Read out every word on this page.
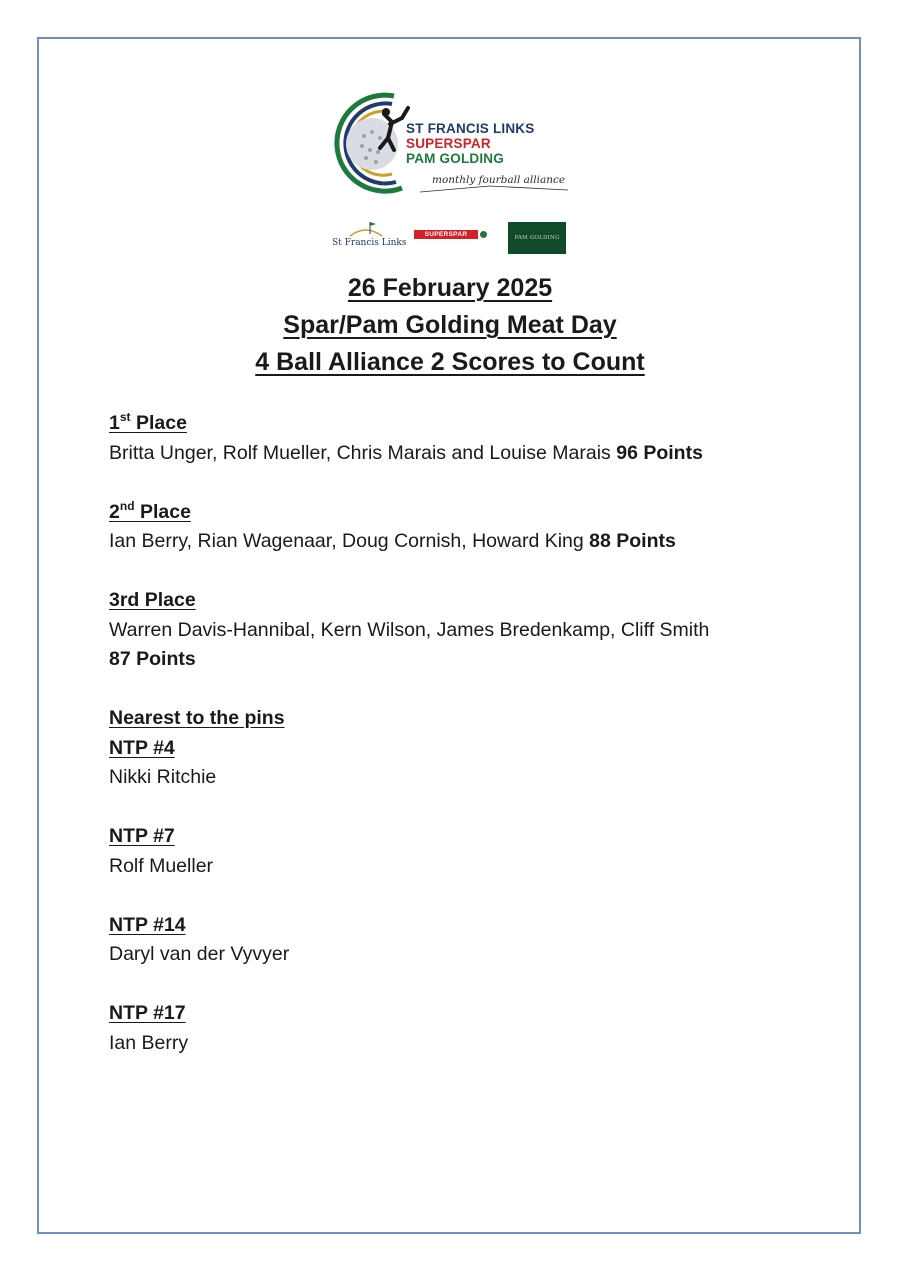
ST FRANCIS LINKS
SUPERSPAR
PAM GOLDING
monthly fourball alliance
St Francis Links
SUPERSPAR	PAM GOLDING
26 February 2025
Spar/Pam Golding Meat Day
4 Ball Alliance 2 Scores to Count
1st Place
Britta Unger, Rolf Mueller, Chris Marais and Louise Marais 96 Points
2nd Place
Ian Berry, Rian Wagenaar, Doug Cornish, Howard King 88 Points
3rd Place
Warren Davis-Hannibal, Kern Wilson, James Bredenkamp, Cliff Smith
87 Points
Nearest to the pins
NTP #4
Nikki Ritchie
NTP #7
Rolf Mueller
NTP #14
Daryl van der Vyvyer
NTP #17
Ian Berry
